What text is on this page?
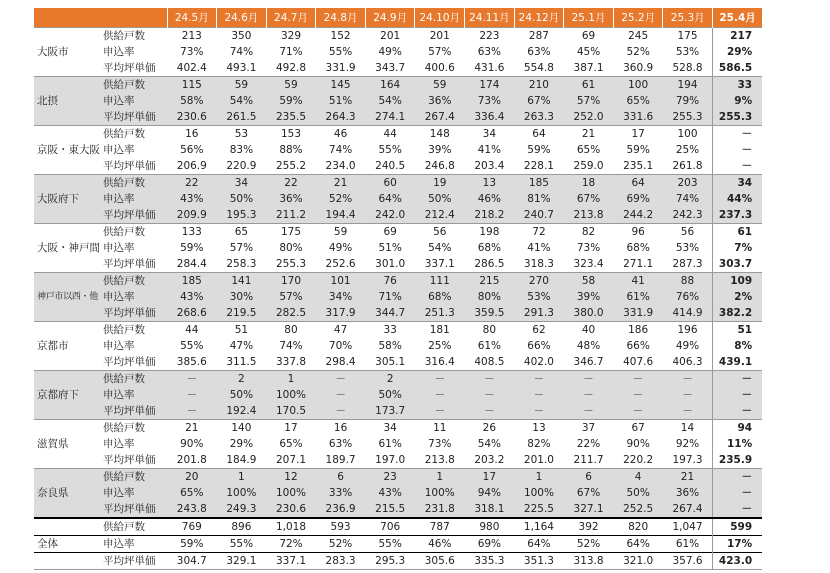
		24.5月	24.6月	24.7月	24.8月	24.9月	24.10月	24.11月	24.12月	25.1月	25.2月	25.3月	25.4月
	供給戸数	213	350	329	152	201	201	223	287	69	245	175	217
大阪市	申込率	73%	74%	71%	55%	49%	57%	63%	63%	45%	52%	53%	29%
	平均坪単価	402.4	493.1	492.8	331.9	343.7	400.6	431.6	554.8	387.1	360.9	528.8	586.5
	供給戸数	115	59	59	145	164	59	174	210	61	100	194	33
北摂	申込率	58%	54%	59%	51%	54%	36%	73%	67%	57%	65%	79%	9%
	平均坪単価	230.6	261.5	235.5	264.3	274.1	267.4	336.4	263.3	252.0	331.6	255.3	255.3
	供給戸数	16	53	153	46	44	148	34	64	21	17	100	－
京阪・東大阪	申込率	56%	83%	88%	74%	55%	39%	41%	59%	65%	59%	25%	－
	平均坪単価	206.9	220.9	255.2	234.0	240.5	246.8	203.4	228.1	259.0	235.1	261.8	－
	供給戸数	22	34	22	21	60	19	13	185	18	64	203	34
大阪府下	申込率	43%	50%	36%	52%	64%	50%	46%	81%	67%	69%	74%	44%
	平均坪単価	209.9	195.3	211.2	194.4	242.0	212.4	218.2	240.7	213.8	244.2	242.3	237.3
	供給戸数	133	65	175	59	69	56	198	72	82	96	56	61
大阪・神戸間	申込率	59%	57%	80%	49%	51%	54%	68%	41%	73%	68%	53%	7%
	平均坪単価	284.4	258.3	255.3	252.6	301.0	337.1	286.5	318.3	323.4	271.1	287.3	303.7
	供給戸数	185	141	170	101	76	111	215	270	58	41	88	109
神戸市以西・他	申込率	43%	30%	57%	34%	71%	68%	80%	53%	39%	61%	76%	2%
	平均坪単価	268.6	219.5	282.5	317.9	344.7	251.3	359.5	291.3	380.0	331.9	414.9	382.2
	供給戸数	44	51	80	47	33	181	80	62	40	186	196	51
京都市	申込率	55%	47%	74%	70%	58%	25%	61%	66%	48%	66%	49%	8%
	平均坪単価	385.6	311.5	337.8	298.4	305.1	316.4	408.5	402.0	346.7	407.6	406.3	439.1
	供給戸数	－	2	1	－	2	－	－	－	－	－	－	－
京都府下	申込率	－	50%	100%	－	50%	－	－	－	－	－	－	－
	平均坪単価	－	192.4	170.5	－	173.7	－	－	－	－	－	－	－
	供給戸数	21	140	17	16	34	11	26	13	37	67	14	94
滋賀県	申込率	90%	29%	65%	63%	61%	73%	54%	82%	22%	90%	92%	11%
	平均坪単価	201.8	184.9	207.1	189.7	197.0	213.8	203.2	201.0	211.7	220.2	197.3	235.9
	供給戸数	20	1	12	6	23	1	17	1	6	4	21	－
奈良県	申込率	65%	100%	100%	33%	43%	100%	94%	100%	67%	50%	36%	－
	平均坪単価	243.8	249.3	230.6	236.9	215.5	231.8	318.1	225.5	327.1	252.5	267.4	－
	供給戸数	769	896	1,018	593	706	787	980	1,164	392	820	1,047	599
全体	申込率	59%	55%	72%	52%	55%	46%	69%	64%	52%	64%	61%	17%
	平均坪単価	304.7	329.1	337.1	283.3	295.3	305.6	335.3	351.3	313.8	321.0	357.6	423.0
